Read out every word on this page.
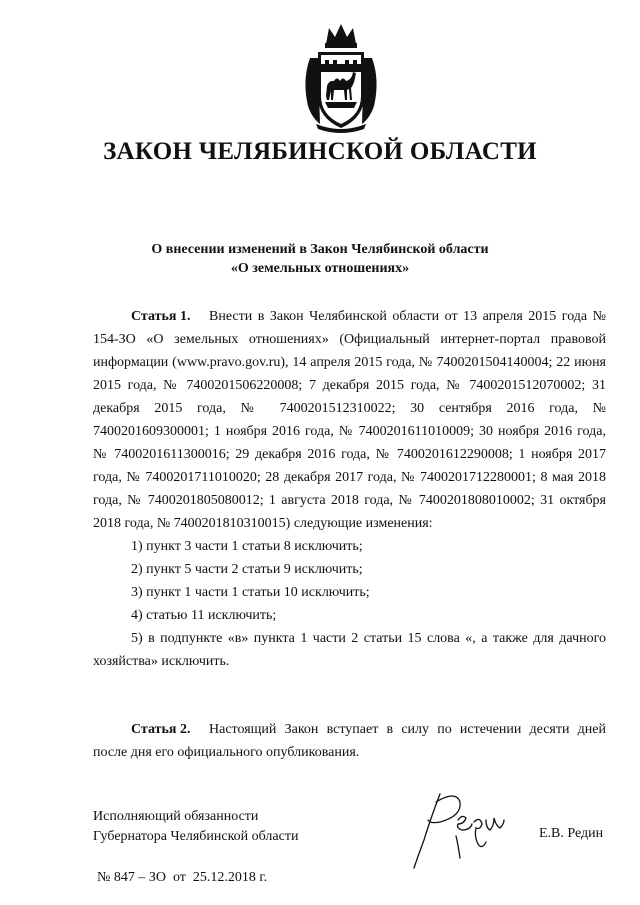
ЗАКОН ЧЕЛЯБИНСКОЙ ОБЛАСТИ
О внесении изменений в Закон Челябинской области
«О земельных отношениях»

Статья 1. Внести в Закон Челябинской области от 13 апреля 2015 года № 154-ЗО «О земельных отношениях» (Официальный интернет-портал правовой информации (www.pravo.gov.ru), 14 апреля 2015 года, № 7400201504140004; 22 июня 2015 года, № 7400201506220008; 7 декабря 2015 года, № 7400201512070002; 31 декабря 2015 года, № 7400201512310022; 30 сентября 2016 года, № 7400201609300001; 1 ноября 2016 года, № 7400201611010009; 30 ноября 2016 года, № 7400201611300016; 29 декабря 2016 года, № 7400201612290008; 1 ноября 2017 года, № 7400201711010020; 28 декабря 2017 года, № 7400201712280001; 8 мая 2018 года, № 7400201805080012; 1 августа 2018 года, № 7400201808010002; 31 октября 2018 года, № 7400201810310015) следующие изменения:

1) пункт 3 части 1 статьи 8 исключить;

2) пункт 5 части 2 статьи 9 исключить;

3) пункт 1 части 1 статьи 10 исключить;

4) статью 11 исключить;

5) в подпункте «в» пункта 1 части 2 статьи 15 слова «, а также для дачного хозяйства» исключить.

Статья 2. Настоящий Закон вступает в силу по истечении десяти дней после дня его официального опубликования.

Исполняющий обязанности
Губернатора Челябинской области	Е.В. Редин
№ 847 – ЗО  от  25.12.2018 г.
